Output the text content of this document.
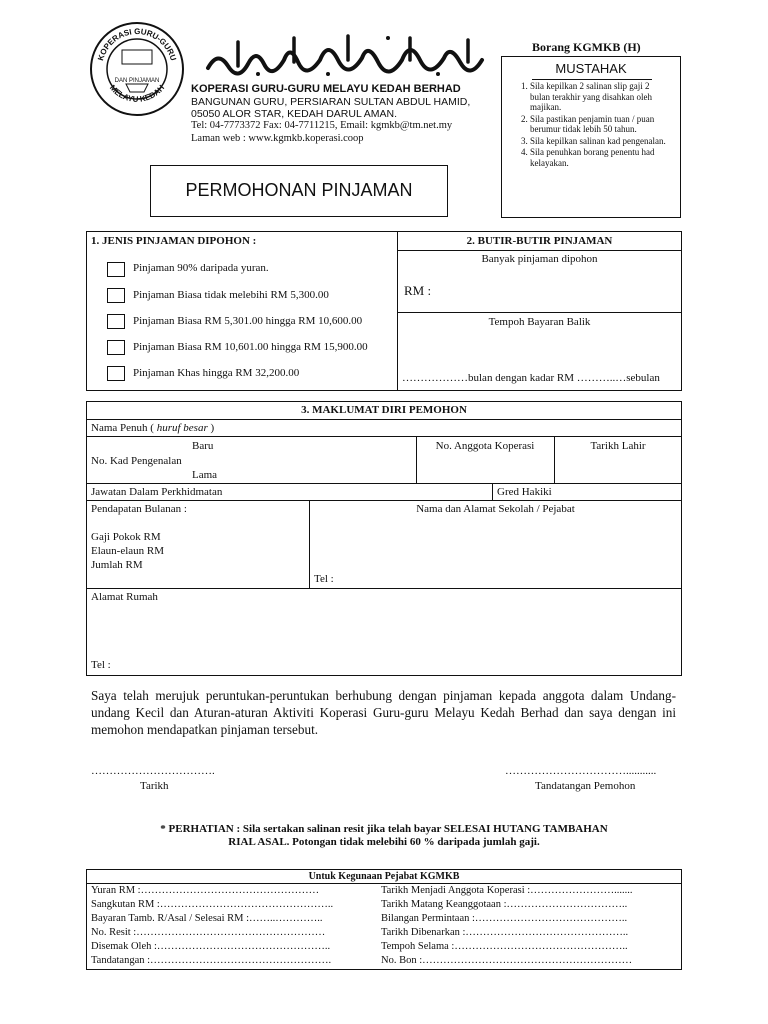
KOPERASI GURU-GURU
MELAYU KEDAH
DAN PINJAMAN
KOPERASI GURU-GURU MELAYU KEDAH BERHAD
BANGUNAN GURU, PERSIARAN SULTAN ABDUL HAMID,
05050 ALOR STAR, KEDAH DARUL AMAN.
Tel: 04-7773372 Fax: 04-7711215, Email: kgmkb@tm.net.my
Laman web : www.kgmkb.koperasi.coop
PERMOHONAN PINJAMAN
Borang KGMKB (H)
MUSTAHAK
1. Sila kepilkan 2 salinan slip gaji 2 bulan terakhir yang disahkan oleh majikan.
2. Sila pastikan penjamin tuan / puan berumur tidak lebih 50 tahun.
3. Sila kepilkan salinan kad pengenalan.
4. Sila penuhkan borang penentu had kelayakan.
1. JENIS PINJAMAN DIPOHON :
Pinjaman 90% daripada yuran.
Pinjaman Biasa tidak melebihi RM 5,300.00
Pinjaman Biasa RM 5,301.00 hingga RM 10,600.00
Pinjaman Biasa RM 10,601.00 hingga RM 15,900.00
Pinjaman Khas hingga RM 32,200.00
2. BUTIR-BUTIR PINJAMAN
Banyak pinjaman dipohon
RM :
Tempoh Bayaran Balik
………………bulan dengan kadar RM ………..…sebulan
3. MAKLUMAT DIRI PEMOHON
Nama Penuh ( huruf besar )
Baru
No. Kad Pengenalan
Lama
No. Anggota Koperasi	Tarikh Lahir
Jawatan Dalam Perkhidmatan	Gred Hakiki
Pendapatan Bulanan :
Gaji Pokok RM
Elaun-elaun RM
Jumlah RM
Nama dan Alamat Sekolah / Pejabat
Tel :
Alamat Rumah
Tel :
Saya telah merujuk peruntukan-peruntukan berhubung dengan pinjaman kepada anggota dalam Undang-undang Kecil dan Aturan-aturan Aktiviti Koperasi Guru-guru Melayu Kedah Berhad dan saya dengan ini memohon mendapatkan pinjaman tersebut.
…………………………….
Tarikh
……………………………...........
Tandatangan Pemohon
* PERHATIAN : Sila sertakan salinan resit jika telah bayar SELESAI HUTANG TAMBAHAN
RIAL ASAL. Potongan tidak melebihi 60 % daripada jumlah gaji.
Untuk Kegunaan Pejabat KGMKB
Yuran RM :……………………………………………
Sangkutan RM :…………………………………………..
Bayaran Tamb. R/Asal / Selesai RM :……..…………..
No. Resit :………………………………………………
Disemak Oleh :…………………………………………..
Tandatangan :…………………………………………….
Tarikh Menjadi Anggota Koperasi :…………………….......
Tarikh Matang Keanggotaan :……………………………..
Bilangan Permintaan :……………………………………..
Tarikh Dibenarkan :………………………………………..
Tempoh Selama :…………………………………………..
No. Bon :……………………………………………………
